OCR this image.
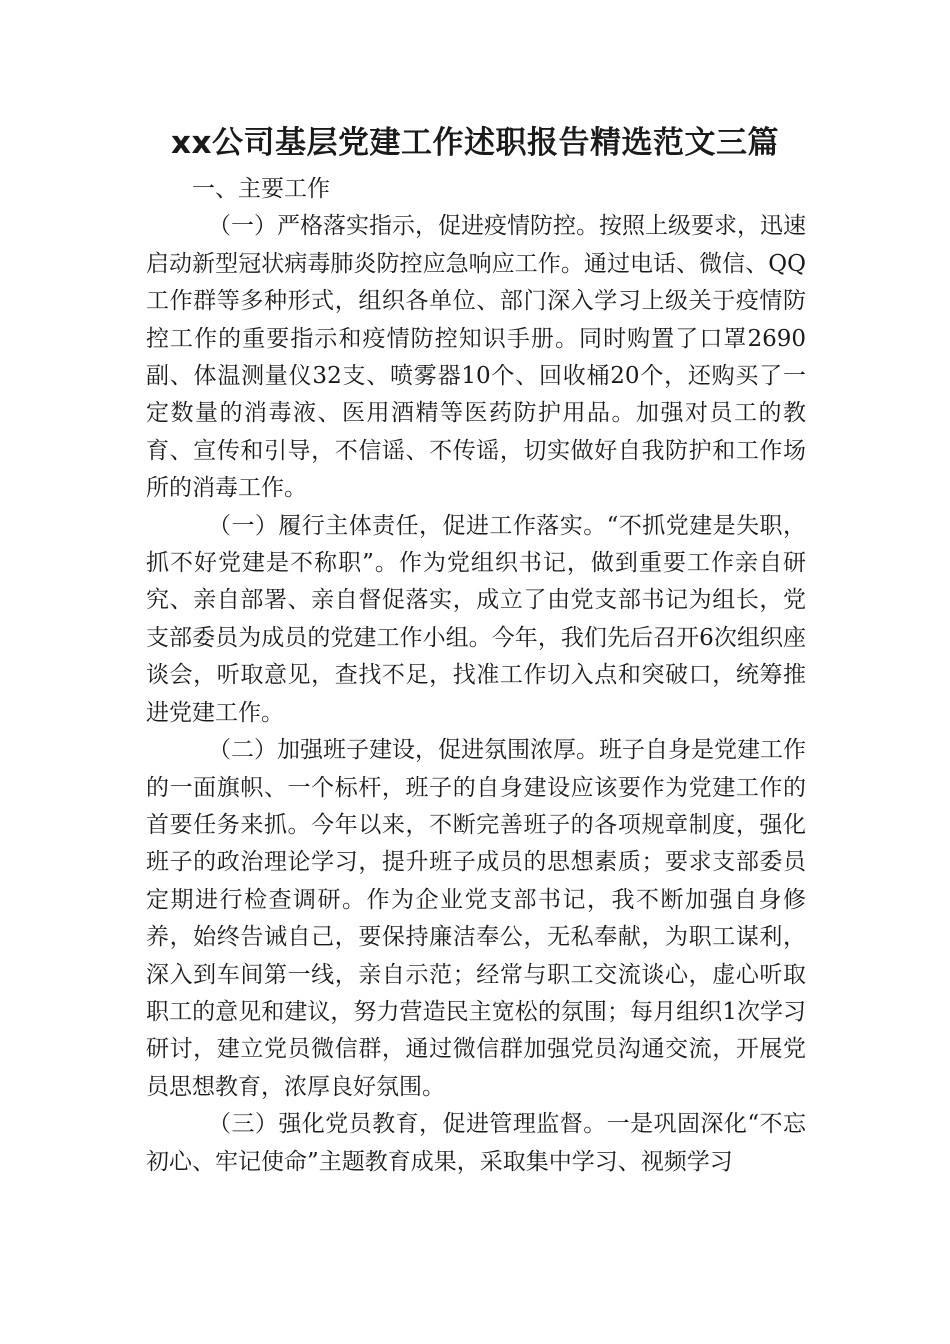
xx公司基层党建工作述职报告精选范文三篇
一、主要工作

（一）严格落实指示，促进疫情防控。按照上级要求，迅速启动新型冠状病毒肺炎防控应急响应工作。通过电话、微信、QQ工作群等多种形式，组织各单位、部门深入学习上级关于疫情防控工作的重要指示和疫情防控知识手册。同时购置了口罩2690副、体温测量仪32支、喷雾器10个、回收桶20个，还购买了一定数量的消毒液、医用酒精等医药防护用品。加强对员工的教育、宣传和引导，不信谣、不传谣，切实做好自我防护和工作场所的消毒工作。

（一）履行主体责任，促进工作落实。“不抓党建是失职，抓不好党建是不称职”。作为党组织书记，做到重要工作亲自研究、亲自部署、亲自督促落实，成立了由党支部书记为组长，党支部委员为成员的党建工作小组。今年，我们先后召开6次组织座谈会，听取意见，查找不足，找准工作切入点和突破口，统筹推进党建工作。

（二）加强班子建设，促进氛围浓厚。班子自身是党建工作的一面旗帜、一个标杆，班子的自身建设应该要作为党建工作的首要任务来抓。今年以来，不断完善班子的各项规章制度，强化班子的政治理论学习，提升班子成员的思想素质；要求支部委员定期进行检查调研。作为企业党支部书记，我不断加强自身修养，始终告诫自己，要保持廉洁奉公，无私奉献，为职工谋利，深入到车间第一线，亲自示范；经常与职工交流谈心，虚心听取职工的意见和建议，努力营造民主宽松的氛围；每月组织1次学习研讨，建立党员微信群，通过微信群加强党员沟通交流，开展党员思想教育，浓厚良好氛围。

（三）强化党员教育，促进管理监督。一是巩固深化“不忘初心、牢记使命”主题教育成果，采取集中学习、视频学习
